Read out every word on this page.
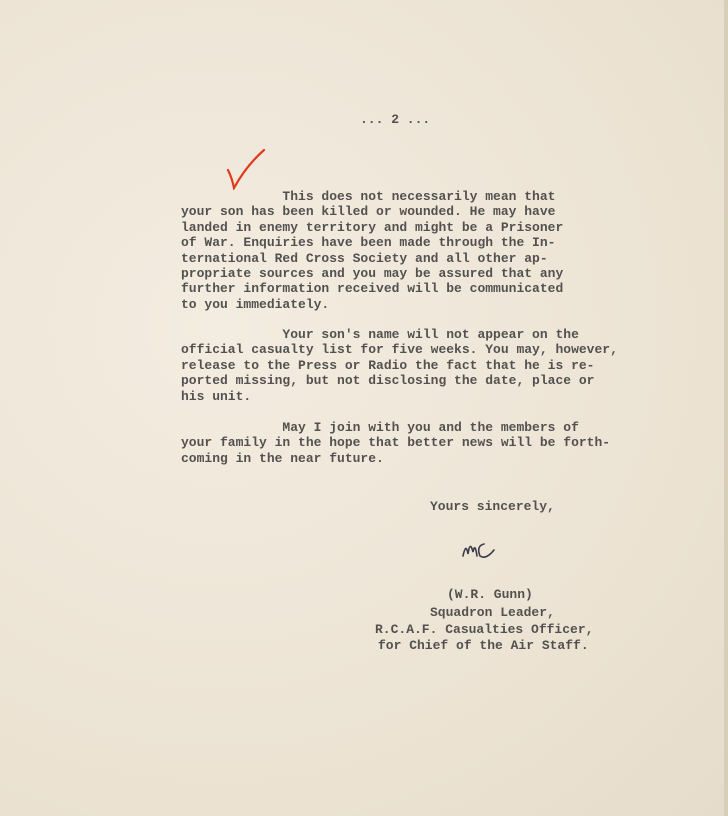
... 2 ...
This does not necessarily mean that
your son has been killed or wounded. He may have
landed in enemy territory and might be a Prisoner
of War. Enquiries have been made through the In-
ternational Red Cross Society and all other ap-
propriate sources and you may be assured that any
further information received will be communicated
to you immediately.
Your son's name will not appear on the
official casualty list for five weeks. You may, however,
release to the Press or Radio the fact that he is re-
ported missing, but not disclosing the date, place or
his unit.
May I join with you and the members of
your family in the hope that better news will be forth-
coming in the near future.
Yours sincerely,
(W.R. Gunn)
Squadron Leader,
R.C.A.F. Casualties Officer,
for Chief of the Air Staff.
